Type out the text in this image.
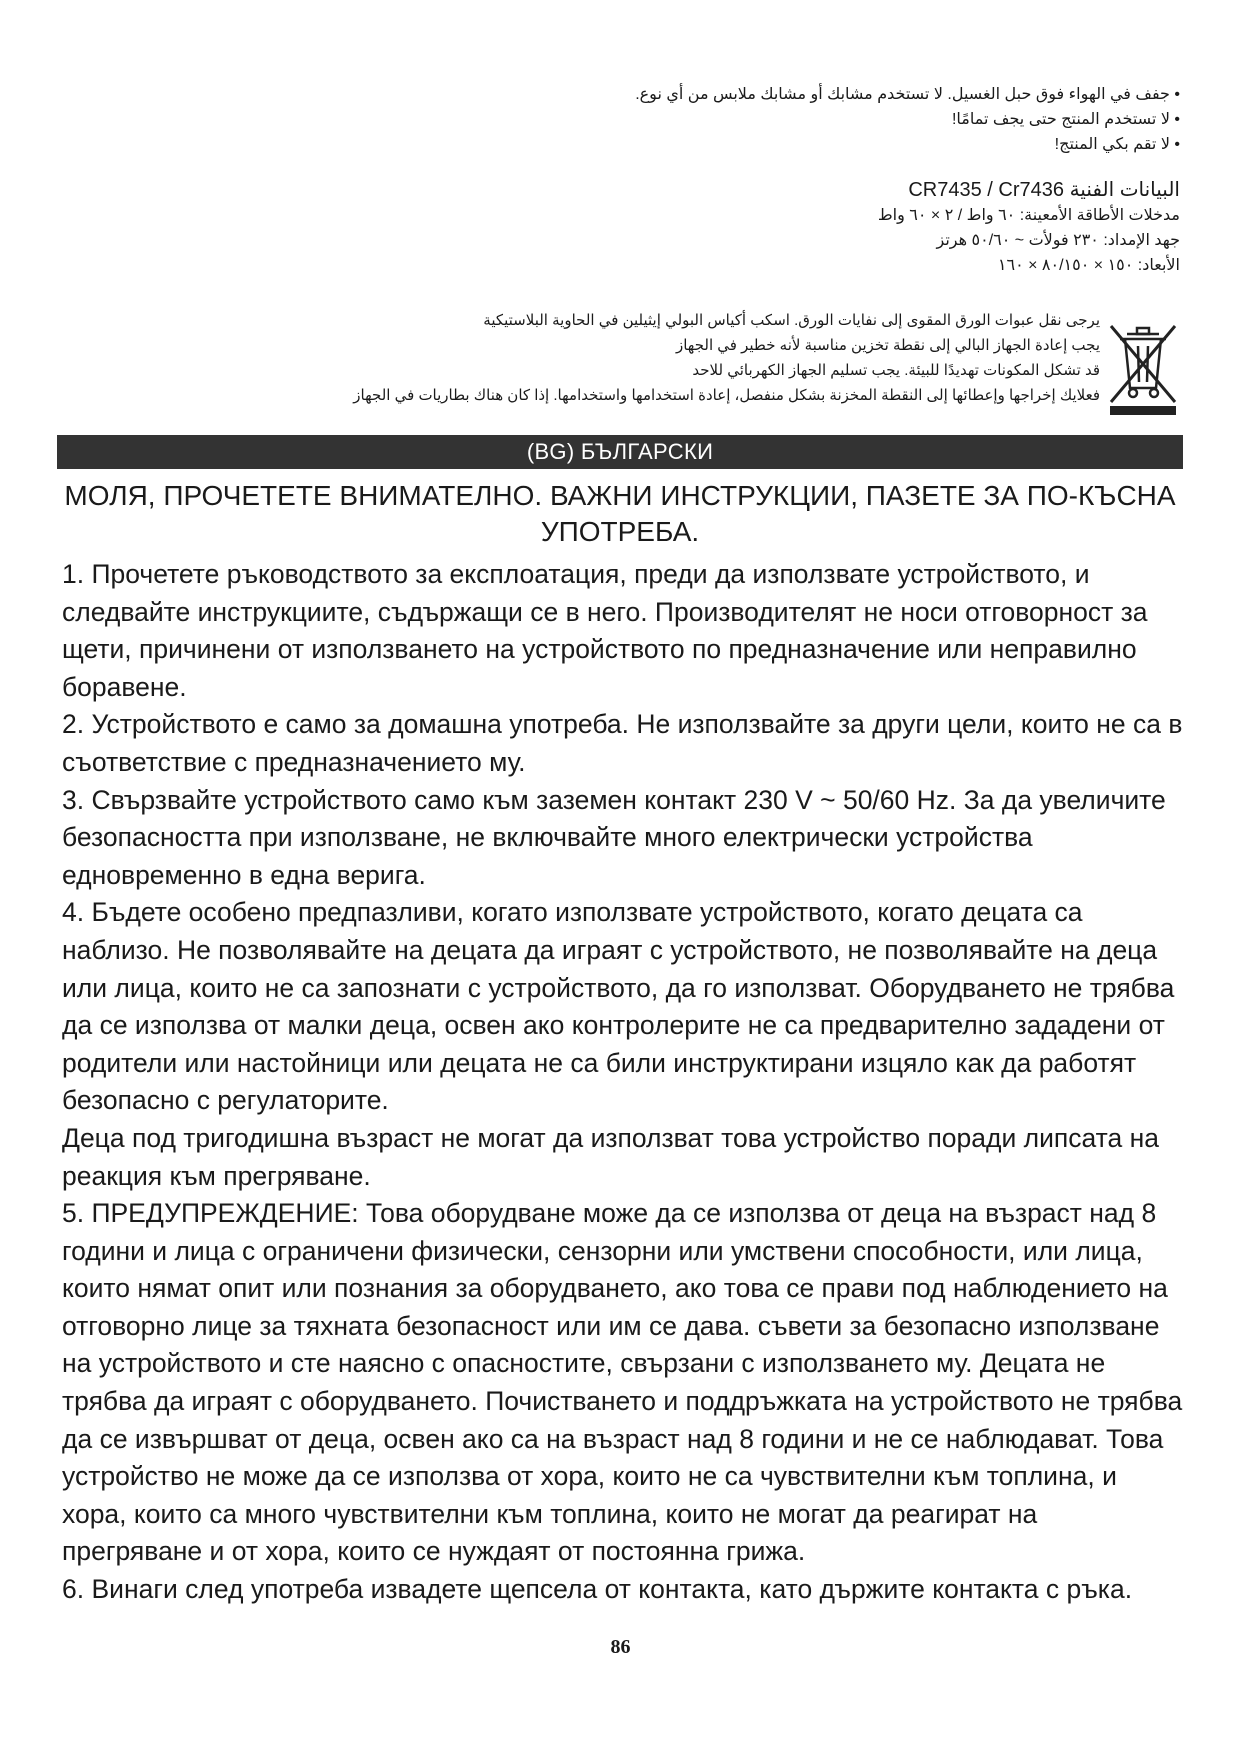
• جفف في الهواء فوق حبل الغسيل. لا تستخدم مشابك أو مشابك ملابس من أي نوع.
• لا تستخدم المنتج حتى يجف تمامًا!
• لا تقم بكي المنتج!
البيانات الفنية CR7435 / Cr7436
مدخلات الأطاقة الأمعينة: ٦٠ واط / ٢ × ٦٠ واط
جهد الإمداد: ٢٣٠ فولأت ~ ٥٠/٦٠ هرتز
الأبعاد: ١٥٠ × ٨٠/١٥٠ × ١٦٠
يرجى نقل عبوات الورق المقوى إلى نفايات الورق. اسكب أكياس البولي إيثيلين في الحاوية البلاستيكية
يجب إعادة الجهاز البالي إلى نقطة تخزين مناسبة لأنه خطير في الجهاز
قد تشكل المكونات تهديدًا للبيئة. يجب تسليم الجهاز الكهربائي للاحد
فعلايك إخراجها وإعطائها إلى النقطة المخزنة بشكل منفصل، إعادة استخدامها واستخدامها. إذا كان هناك بطاريات في الجهاز
(BG) БЪЛГАРСКИ
МОЛЯ, ПРОЧЕТЕТЕ ВНИМАТЕЛНО. ВАЖНИ ИНСТРУКЦИИ, ПАЗЕТЕ ЗА ПО-КЪСНА УПОТРЕБА.

1. Прочетете ръководството за експлоатация, преди да използвате устройството, и следвайте инструкциите, съдържащи се в него. Производителят не носи отговорност за щети, причинени от използването на устройството по предназначение или неправилно боравене.

2. Устройството е само за домашна употреба. Не използвайте за други цели, които не са в съответствие с предназначението му.

3. Свързвайте устройството само към заземен контакт 230 V ~ 50/60 Hz. За да увеличите безопасността при използване, не включвайте много електрически устройства едновременно в една верига.

4. Бъдете особено предпазливи, когато използвате устройството, когато децата са наблизо. Не позволявайте на децата да играят с устройството, не позволявайте на деца или лица, които не са запознати с устройството, да го използват. Оборудването не трябва да се използва от малки деца, освен ако контролерите не са предварително зададени от родители или настойници или децата не са били инструктирани изцяло как да работят безопасно с регулаторите.

Деца под тригодишна възраст не могат да използват това устройство поради липсата на реакция към прегряване.

5. ПРЕДУПРЕЖДЕНИЕ: Това оборудване може да се използва от деца на възраст над 8 години и лица с ограничени физически, сензорни или умствени способности, или лица, които нямат опит или познания за оборудването, ако това се прави под наблюдението на отговорно лице за тяхната безопасност или им се дава. съвети за безопасно използване на устройството и сте наясно с опасностите, свързани с използването му. Децата не трябва да играят с оборудването. Почистването и поддръжката на устройството не трябва да се извършват от деца, освен ако са на възраст над 8 години и не се наблюдават. Това устройство не може да се използва от хора, които не са чувствителни към топлина, и хора, които са много чувствителни към топлина, които не могат да реагират на прегряване и от хора, които се нуждаят от постоянна грижа.

6. Винаги след употреба извадете щепсела от контакта, като държите контакта с ръка.

86
